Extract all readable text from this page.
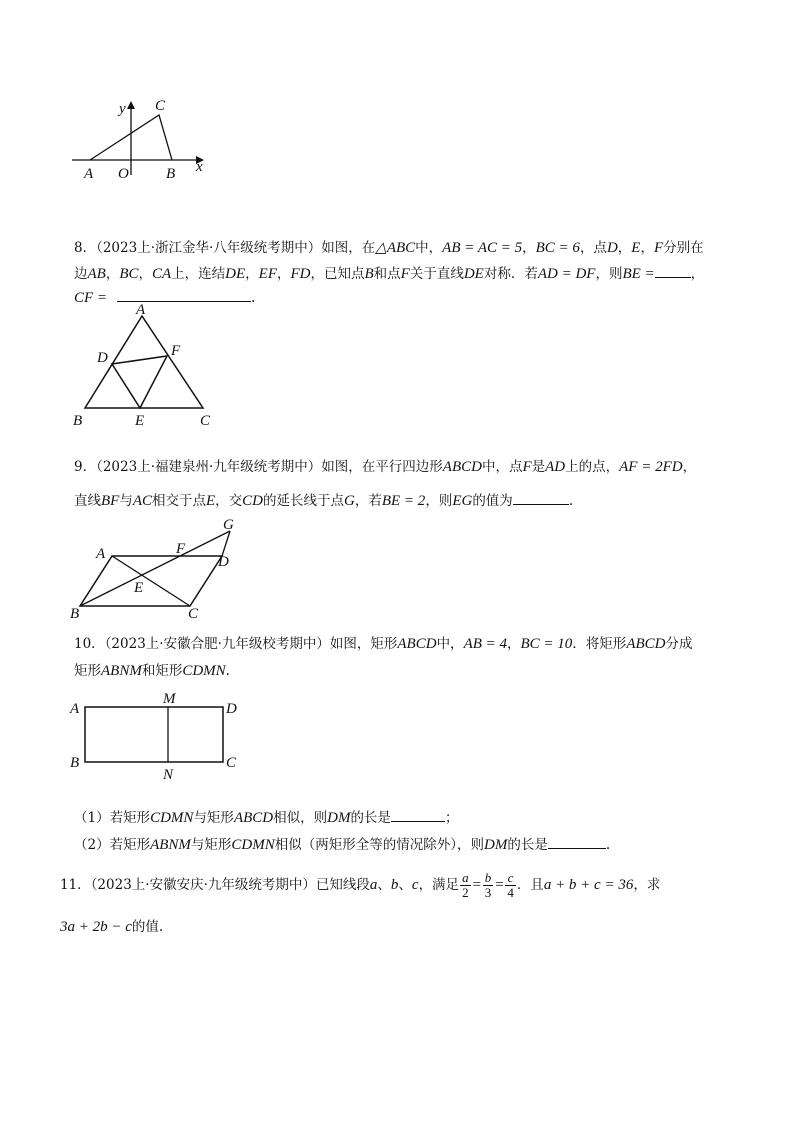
y C
x
A O B
8．（2023上·浙江金华·八年级统考期中）如图，在△ABC中，AB = AC = 5，BC = 6，点D，E，F分别在
边AB，BC，CA上，连结DE，EF，FD，已知点B和点F关于直线DE对称．若AD = DF，则BE =	，
CF =	.
A
D	F
B	E	C
9．（2023上·福建泉州·九年级统考期中）如图，在平行四边形ABCD中，点F是AD上的点，AF = 2FD，
直线BF与AC相交于点E，交CD的延长线于点G，若BE = 2，则EG的值为	.
G
A	F
D
E
B	C
10．（2023上·安徽合肥·九年级校考期中）如图，矩形ABCD中，AB = 4，BC = 10．将矩形ABCD分成
矩形ABNM和矩形CDMN.
M
A	D
B
N
C
（1）若矩形CDMN与矩形ABCD相似，则DM的长是	；
（2）若矩形ABNM与矩形CDMN相似（两矩形全等的情况除外），则DM的长是	.
11．（2023上·安徽安庆·九年级统考期中）已知线段a、b、c，满足 $\frac{a}{2} = \frac{b}{3} = \frac{c}{4}$ ．且a + b + c = 36，求
3a + 2b − c的值.
